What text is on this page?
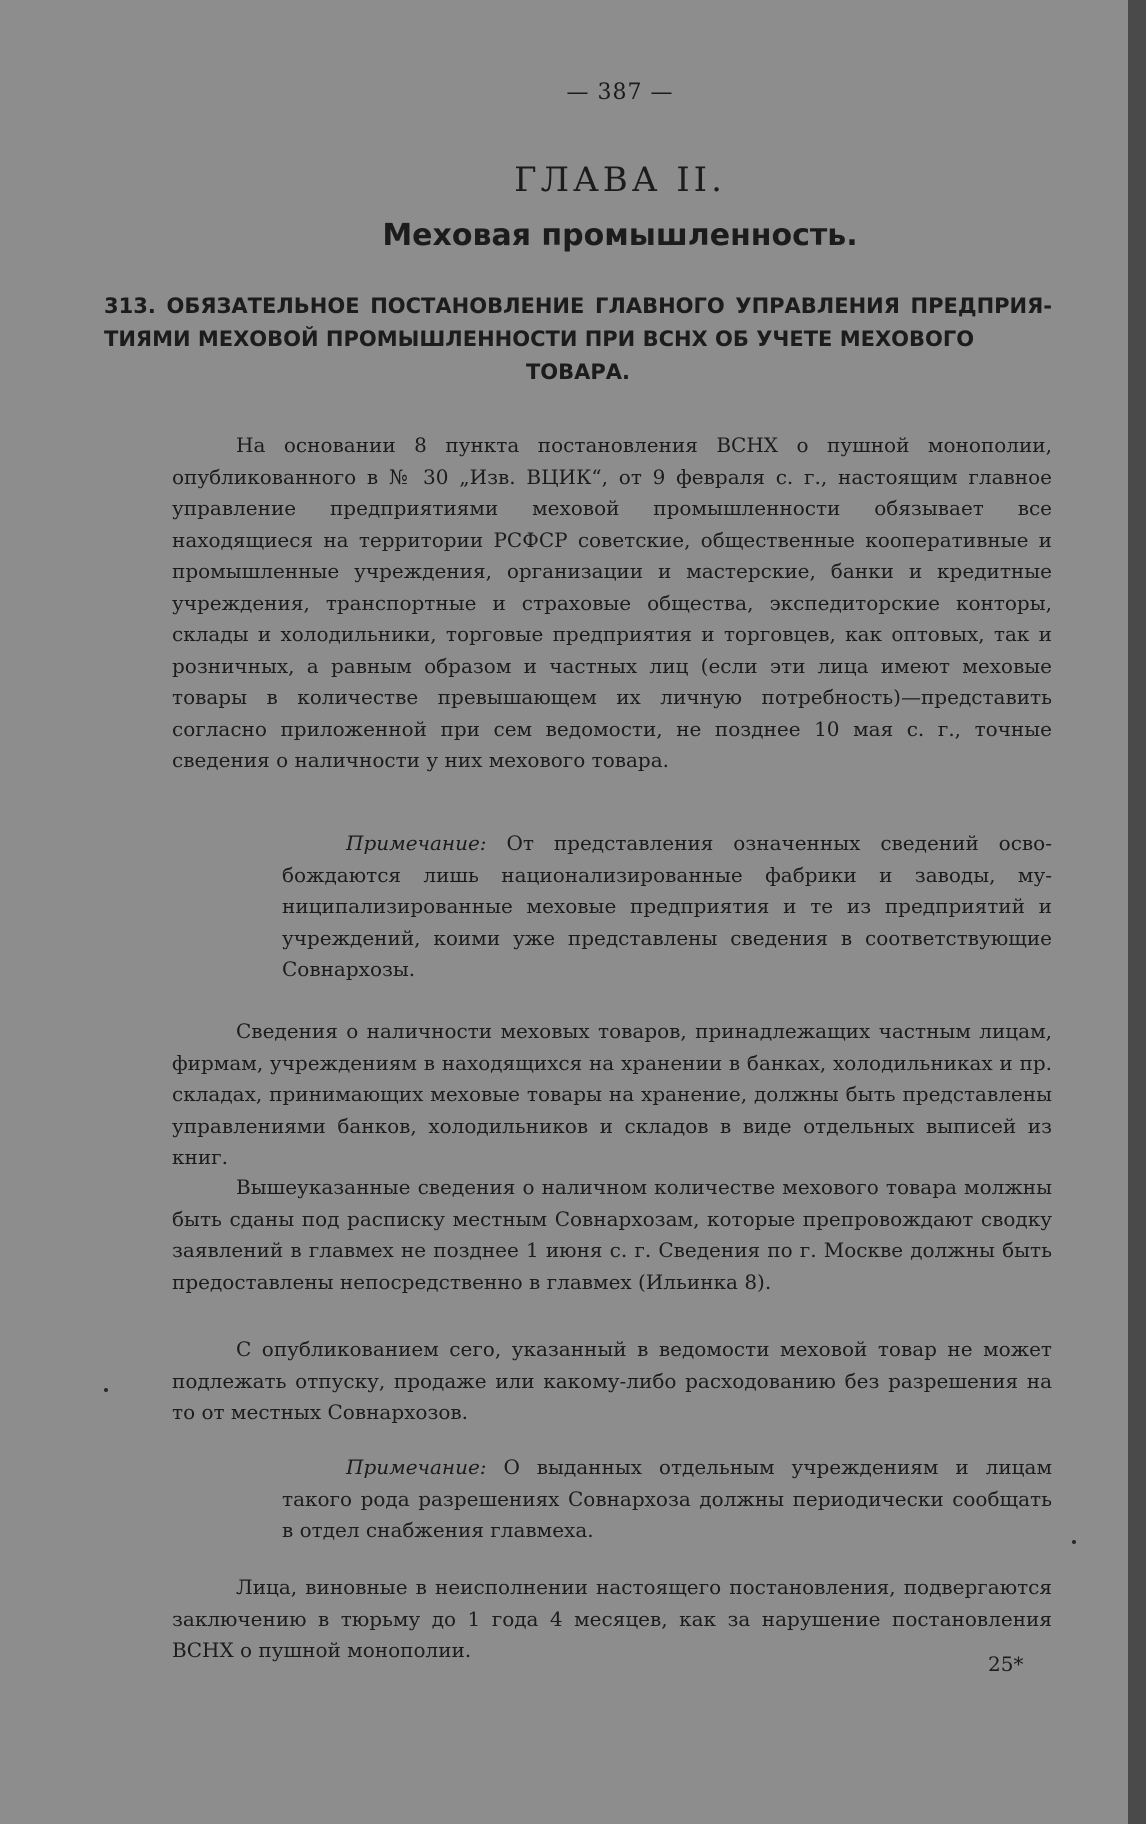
— 387 —
ГЛАВА II.
Меховая промышленность.
313. ОБЯЗАТЕЛЬНОЕ ПОСТАНОВЛЕНИЕ ГЛАВНОГО УПРАВЛЕНИЯ ПРЕДПРИЯТИЯМИ МЕХОВОЙ ПРОМЫШЛЕННОСТИ ПРИ ВСНХ ОБ УЧЕТЕ МЕХОВОГО
ТОВАРА.

На основании 8 пункта постановления ВСНХ о пушной монополии, опубликованного в № 30 „Изв. ВЦИК“, от 9 февраля с. г., настоящим главное управление предприятиями меховой промышленности обязывает все находящиеся на территории РСФСР советские, общественные кооперативные и промышленные учреждения, организации и мастерские, банки и кредитные учреждения, транспортные и страховые общества, экспедиторские конторы, склады и холодильники, торговые предприятия и торговцев, как оптовых, так и розничных, а равным образом и частных лиц (если эти лица имеют меховые товары в количестве превышающем их личную потребность)—представить согласно приложенной при сем ведомости, не позднее 10 мая с. г., точные сведения о наличности у них мехового товара.

Примечание: От представления означенных сведений освобождаются лишь национализированные фабрики и заводы, муниципализированные меховые предприятия и те из предприятий и учреждений, коими уже представлены сведения в соответствующие Совнархозы.

Сведения о наличности меховых товаров, принадлежащих частным лицам, фирмам, учреждениям в находящихся на хранении в банках, холодильниках и пр. складах, принимающих меховые товары на хранение, должны быть представлены управлениями банков, холодильников и складов в виде отдельных выписей из книг.

Вышеуказанные сведения о наличном количестве мехового товара молжны быть сданы под расписку местным Совнархозам, которые препровождают сводку заявлений в главмех не позднее 1 июня с. г. Сведения по г. Москве должны быть предоставлены непосредственно в главмех (Ильинка 8).

С опубликованием сего, указанный в ведомости меховой товар не может подлежать отпуску, продаже или какому-либо расходованию без разрешения на то от местных Совнархозов.

Примечание: О выданных отдельным учреждениям и лицам такого рода разрешениях Совнархоза должны периодически сообщать в отдел снабжения главмеха.

Лица, виновные в неисполнении настоящего постановления, подвергаются заключению в тюрьму до 1 года 4 месяцев, как за нарушение постановления ВСНХ о пушной монополии.

25*
